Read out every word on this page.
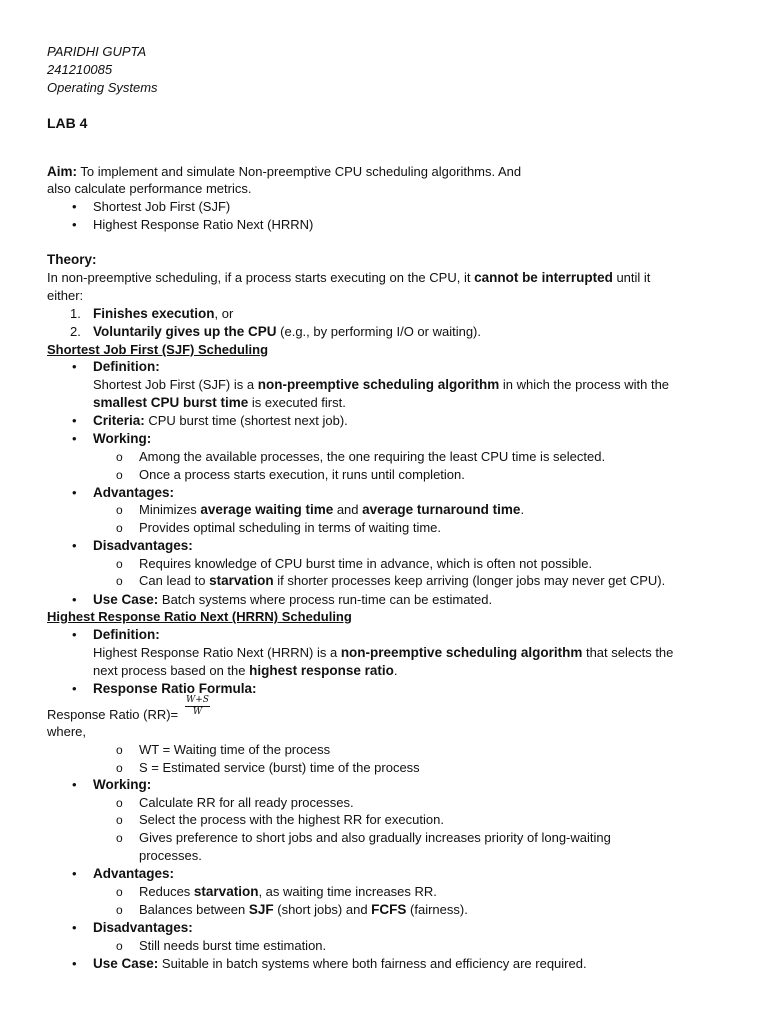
PARIDHI GUPTA
241210085
Operating Systems
LAB 4
Aim: To implement and simulate Non-preemptive CPU scheduling algorithms. And
also calculate performance metrics.
• Shortest Job First (SJF)
• Highest Response Ratio Next (HRRN)
Theory:
In non-preemptive scheduling, if a process starts executing on the CPU, it cannot be interrupted until it
either:
1. Finishes execution, or
2. Voluntarily gives up the CPU (e.g., by performing I/O or waiting).
Shortest Job First (SJF) Scheduling
• Definition:
Shortest Job First (SJF) is a non-preemptive scheduling algorithm in which the process with the
smallest CPU burst time is executed first.
• Criteria: CPU burst time (shortest next job).
• Working:
o Among the available processes, the one requiring the least CPU time is selected.
o Once a process starts execution, it runs until completion.
• Advantages:
o Minimizes average waiting time and average turnaround time.
o Provides optimal scheduling in terms of waiting time.
• Disadvantages:
o Requires knowledge of CPU burst time in advance, which is often not possible.
o Can lead to starvation if shorter processes keep arriving (longer jobs may never get CPU).
• Use Case: Batch systems where process run-time can be estimated.
Highest Response Ratio Next (HRRN) Scheduling
• Definition:
Highest Response Ratio Next (HRRN) is a non-preemptive scheduling algorithm that selects the
next process based on the highest response ratio.
• Response Ratio Formula:
Response Ratio $(RR)= \frac{W+S}{W}$
where,
o WT = Waiting time of the process
o S = Estimated service (burst) time of the process
• Working:
o Calculate RR for all ready processes.
o Select the process with the highest RR for execution.
o Gives preference to short jobs and also gradually increases priority of long-waiting
processes.
• Advantages:
o Reduces starvation, as waiting time increases RR.
o Balances between SJF (short jobs) and FCFS (fairness).
• Disadvantages:
o Still needs burst time estimation.
• Use Case: Suitable in batch systems where both fairness and efficiency are required.
